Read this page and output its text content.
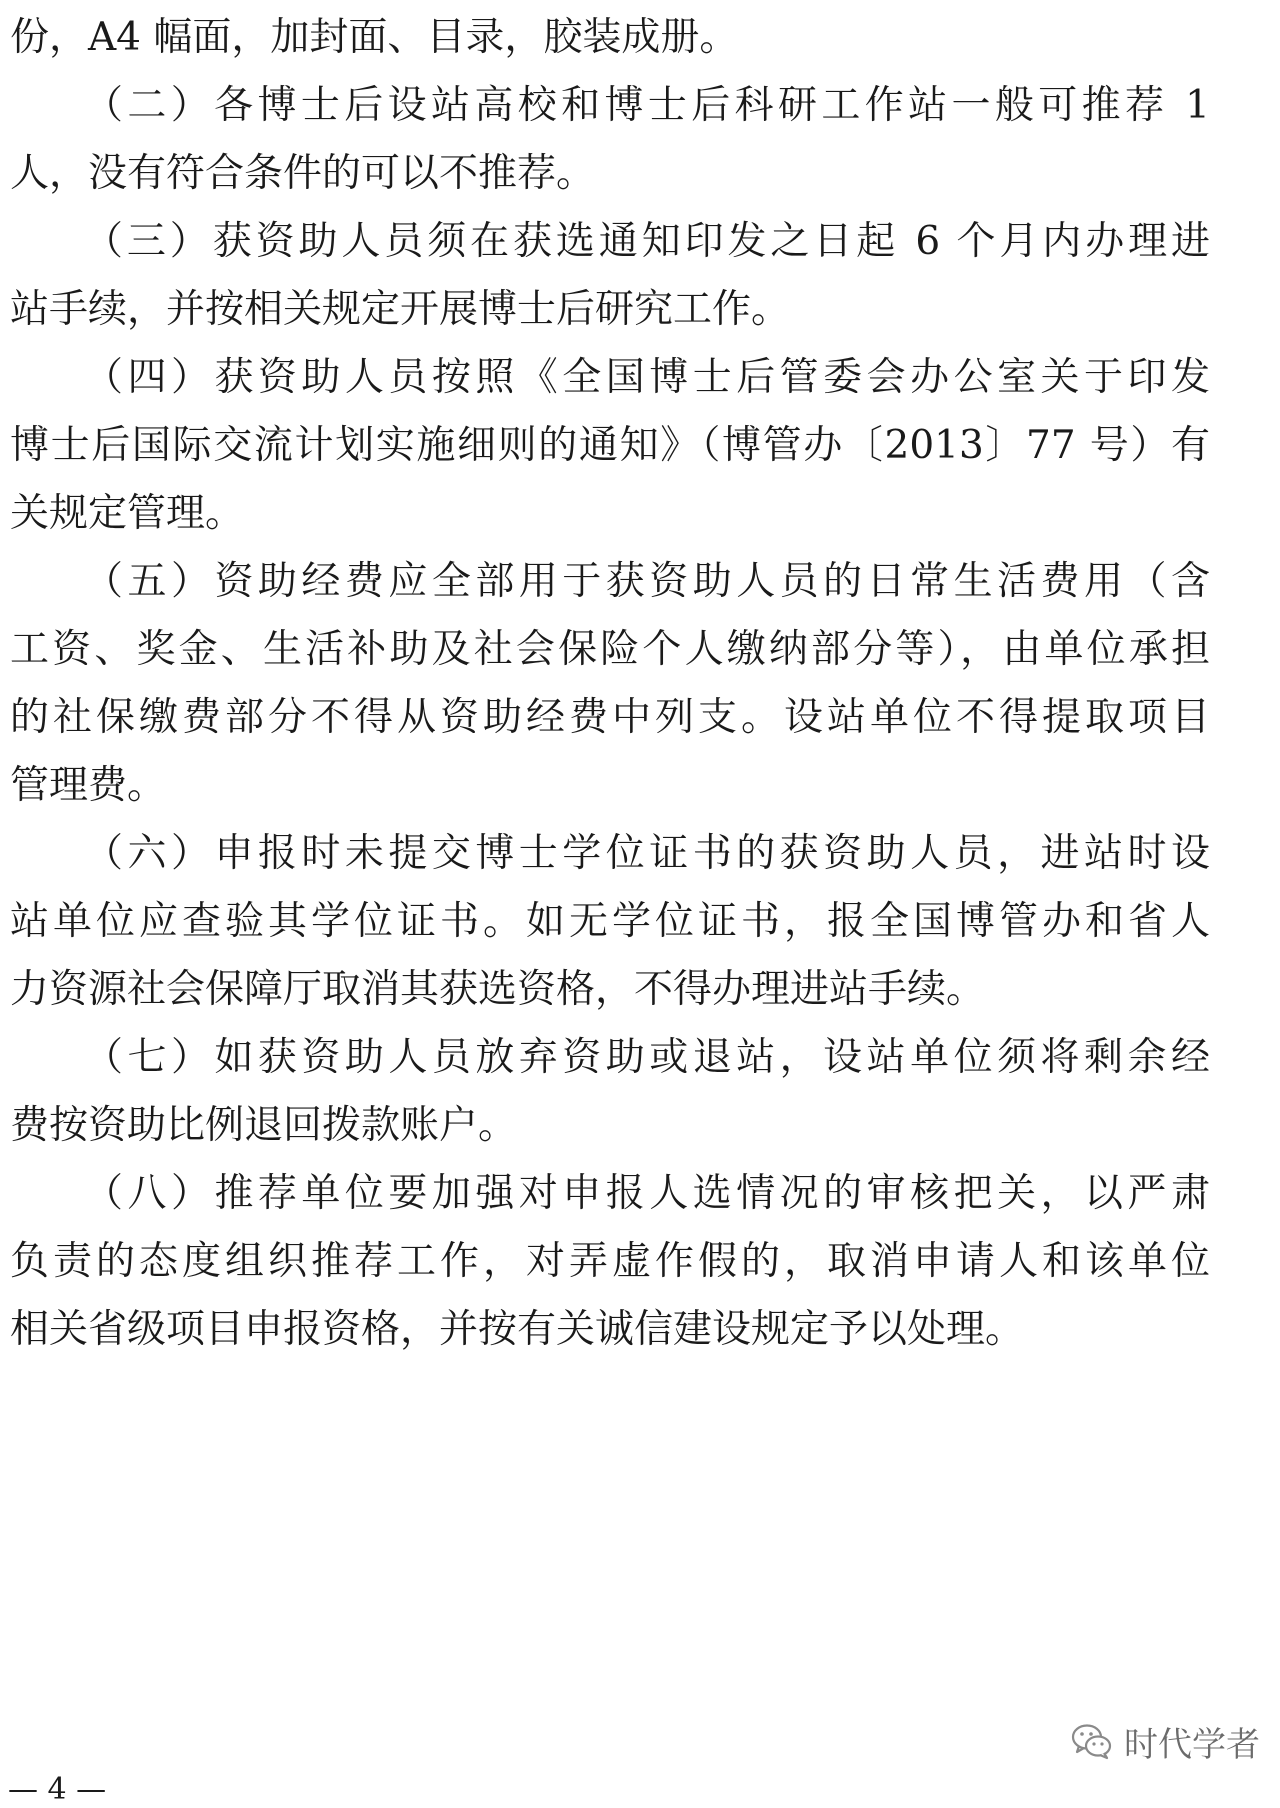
份，A4 幅面，加封面、目录，胶装成册。
（二）各博士后设站高校和博士后科研工作站一般可推荐 1
人，没有符合条件的可以不推荐。
（三）获资助人员须在获选通知印发之日起 6 个月内办理进
站手续，并按相关规定开展博士后研究工作。
（四）获资助人员按照《全国博士后管委会办公室关于印发
博士后国际交流计划实施细则的通知》（博管办〔2013〕77 号）有
关规定管理。
（五）资助经费应全部用于获资助人员的日常生活费用（含
工资、奖金、生活补助及社会保险个人缴纳部分等），由单位承担
的社保缴费部分不得从资助经费中列支。设站单位不得提取项目
管理费。
（六）申报时未提交博士学位证书的获资助人员，进站时设
站单位应查验其学位证书。如无学位证书，报全国博管办和省人
力资源社会保障厅取消其获选资格，不得办理进站手续。
（七）如获资助人员放弃资助或退站，设站单位须将剩余经
费按资助比例退回拨款账户。
（八）推荐单位要加强对申报人选情况的审核把关，以严肃
负责的态度组织推荐工作，对弄虚作假的，取消申请人和该单位
相关省级项目申报资格，并按有关诚信建设规定予以处理。
时代学者
— 4 —
